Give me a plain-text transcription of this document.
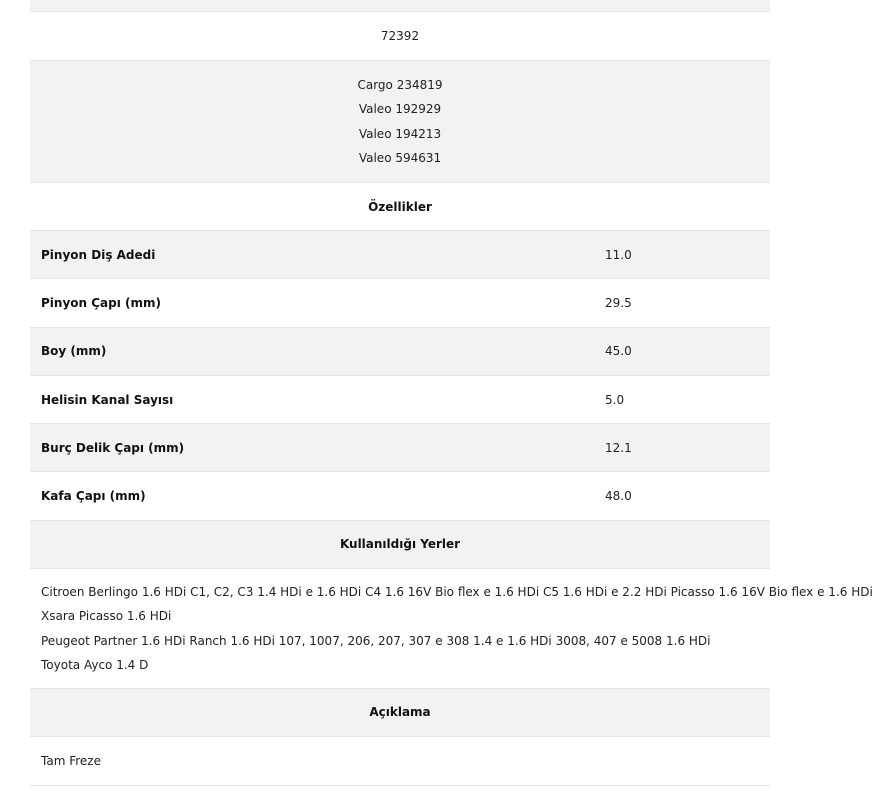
72392
Cargo 234819
Valeo 192929
Valeo 194213
Valeo 594631
Özellikler
Pinyon Diş Adedi	11.0
Pinyon Çapı (mm)	29.5
Boy (mm)	45.0
Helisin Kanal Sayısı	5.0
Burç Delik Çapı (mm)	12.1
Kafa Çapı (mm)	48.0
Kullanıldığı Yerler
Citroen Berlingo 1.6 HDi C1, C2, C3 1.4 HDi e 1.6 HDi C4 1.6 16V Bio flex e 1.6 HDi C5 1.6 HDi e 2.2 HDi Picasso 1.6 16V Bio flex e 1.6 HDi
Xsara Picasso 1.6 HDi
Peugeot Partner 1.6 HDi Ranch 1.6 HDi 107, 1007, 206, 207, 307 e 308 1.4 e 1.6 HDi 3008, 407 e 5008 1.6 HDi
Toyota Ayco 1.4 D
Açıklama
Tam Freze
